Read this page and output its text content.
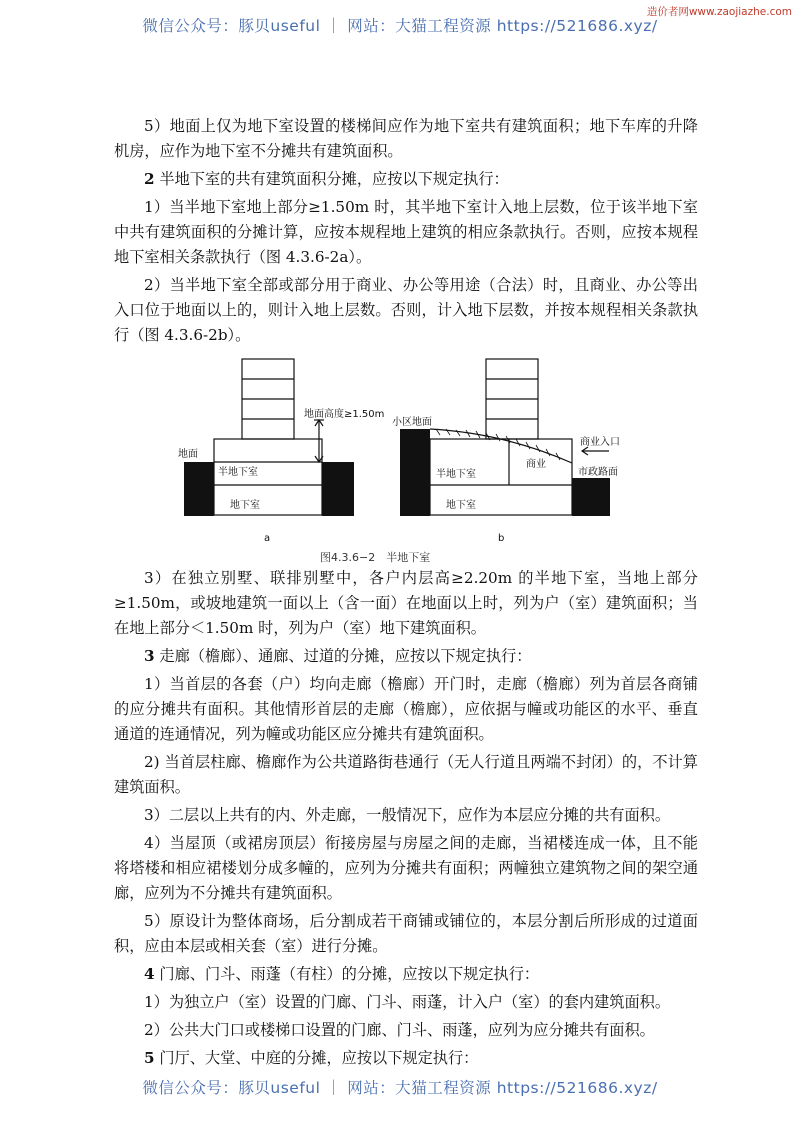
微信公众号：豚贝useful ｜ 网站：大猫工程资源 https://521686.xyz/
造价者网www.zaojiazhe.com

5）地面上仅为地下室设置的楼梯间应作为地下室共有建筑面积；地下车库的升降机房，应作为地下室不分摊共有建筑面积。

2 半地下室的共有建筑面积分摊，应按以下规定执行：

1）当半地下室地上部分≥1.50m 时，其半地下室计入地上层数，位于该半地下室中共有建筑面积的分摊计算，应按本规程地上建筑的相应条款执行。否则，应按本规程地下室相关条款执行（图 4.3.6-2a）。

2）当半地下室全部或部分用于商业、办公等用途（合法）时，且商业、办公等出入口位于地面以上的，则计入地上层数。否则，计入地下层数，并按本规程相关条款执行（图 4.3.6-2b）。

地面
地面高度≥1.50m
半地下室
地下室
a
小区地面
商业
商业入口
市政路面
半地下室
地下室
b
图4.3.6−2　半地下室

3）在独立别墅、联排别墅中，各户内层高≥2.20m 的半地下室，当地上部分≥1.50m，或坡地建筑一面以上（含一面）在地面以上时，列为户（室）建筑面积；当在地上部分＜1.50m 时，列为户（室）地下建筑面积。

3 走廊（檐廊）、通廊、过道的分摊，应按以下规定执行：

1）当首层的各套（户）均向走廊（檐廊）开门时，走廊（檐廊）列为首层各商铺的应分摊共有面积。其他情形首层的走廊（檐廊），应依据与幢或功能区的水平、垂直通道的连通情况，列为幢或功能区应分摊共有建筑面积。

2) 当首层柱廊、檐廊作为公共道路街巷通行（无人行道且两端不封闭）的，不计算建筑面积。

3）二层以上共有的内、外走廊，一般情况下，应作为本层应分摊的共有面积。

4）当屋顶（或裙房顶层）衔接房屋与房屋之间的走廊，当裙楼连成一体，且不能将塔楼和相应裙楼划分成多幢的，应列为分摊共有面积；两幢独立建筑物之间的架空通廊，应列为不分摊共有建筑面积。

5）原设计为整体商场，后分割成若干商铺或铺位的，本层分割后所形成的过道面积，应由本层或相关套（室）进行分摊。

4 门廊、门斗、雨蓬（有柱）的分摊，应按以下规定执行：

1）为独立户（室）设置的门廊、门斗、雨蓬，计入户（室）的套内建筑面积。

2）公共大门口或楼梯口设置的门廊、门斗、雨蓬，应列为应分摊共有面积。

5 门厅、大堂、中庭的分摊，应按以下规定执行：

微信公众号：豚贝useful ｜ 网站：大猫工程资源 https://521686.xyz/
